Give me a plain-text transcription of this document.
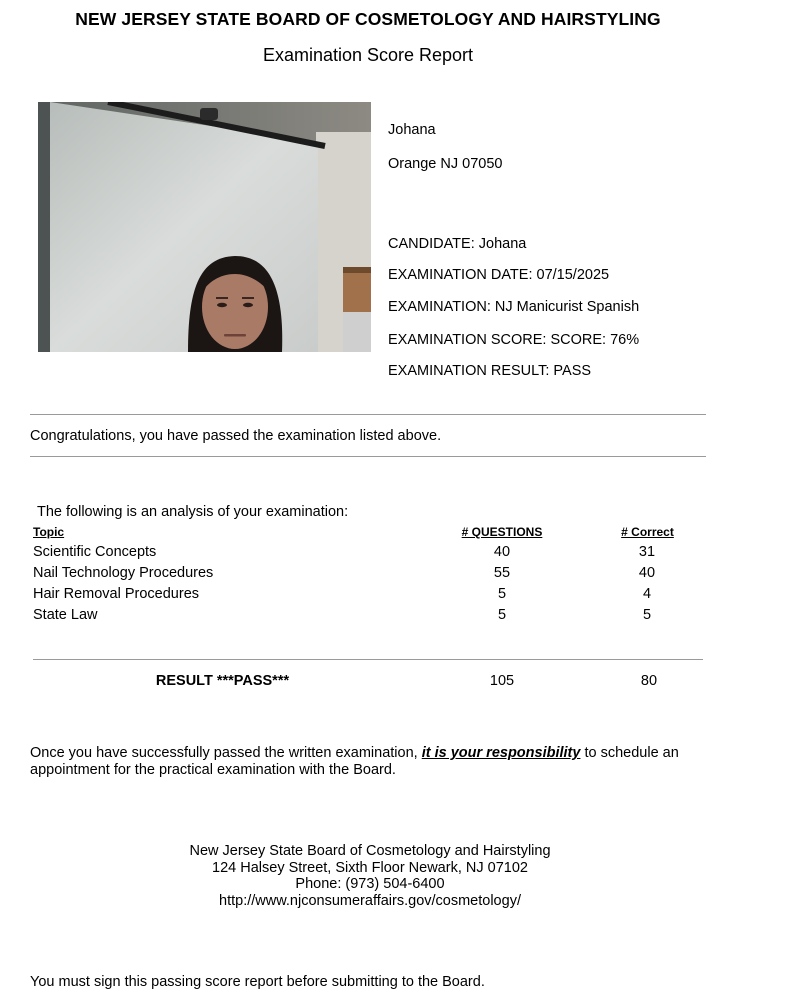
NEW JERSEY STATE BOARD OF COSMETOLOGY AND HAIRSTYLING
Examination Score Report
Johana
Orange NJ 07050
CANDIDATE: Johana
EXAMINATION DATE: 07/15/2025
EXAMINATION: NJ Manicurist Spanish
EXAMINATION SCORE: SCORE: 76%
EXAMINATION RESULT: PASS
Congratulations, you have passed the examination listed above.
The following is an analysis of your examination:
Topic	# QUESTIONS	# Correct
Scientific Concepts	40	31
Nail Technology Procedures	55	40
Hair Removal Procedures	5	4
State Law	5	5
RESULT ***PASS***	105	80
Once you have successfully passed the written examination, it is your responsibility to schedule an appointment for the practical examination with the Board.
New Jersey State Board of Cosmetology and Hairstyling
124 Halsey Street, Sixth Floor Newark, NJ 07102
Phone: (973) 504-6400
http://www.njconsumeraffairs.gov/cosmetology/
You must sign this passing score report before submitting to the Board.
